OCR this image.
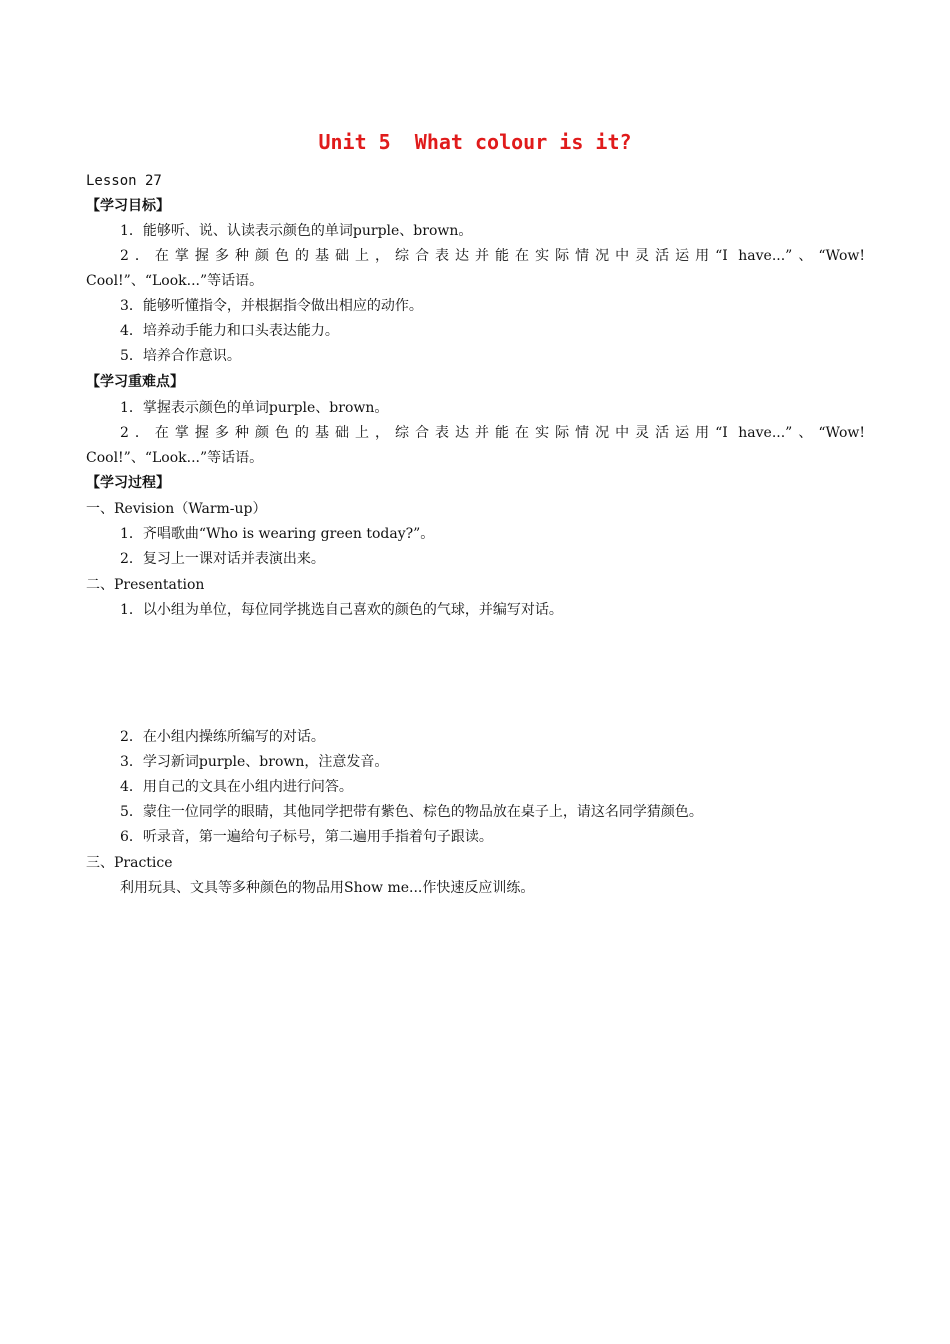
Unit 5  What colour is it?
Lesson 27
【学习目标】
1．能够听、说、认读表示颜色的单词purple、brown。
2．在掌握多种颜色的基础上，综合表达并能在实际情况中灵活运用“I have...”、“Wow!
Cool!”、“Look...”等话语。
3．能够听懂指令，并根据指令做出相应的动作。
4．培养动手能力和口头表达能力。
5．培养合作意识。
【学习重难点】
1．掌握表示颜色的单词purple、brown。
2．在掌握多种颜色的基础上，综合表达并能在实际情况中灵活运用“I have...”、“Wow!
Cool!”、“Look...”等话语。
【学习过程】
一、Revision（Warm-up）
1．齐唱歌曲“Who is wearing green today?”。
2．复习上一课对话并表演出来。
二、Presentation
1．以小组为单位，每位同学挑选自己喜欢的颜色的气球，并编写对话。
2．在小组内操练所编写的对话。
3．学习新词purple、brown，注意发音。
4．用自己的文具在小组内进行问答。
5．蒙住一位同学的眼睛，其他同学把带有紫色、棕色的物品放在桌子上，请这名同学猜颜色。
6．听录音，第一遍给句子标号，第二遍用手指着句子跟读。
三、Practice
利用玩具、文具等多种颜色的物品用Show me...作快速反应训练。
